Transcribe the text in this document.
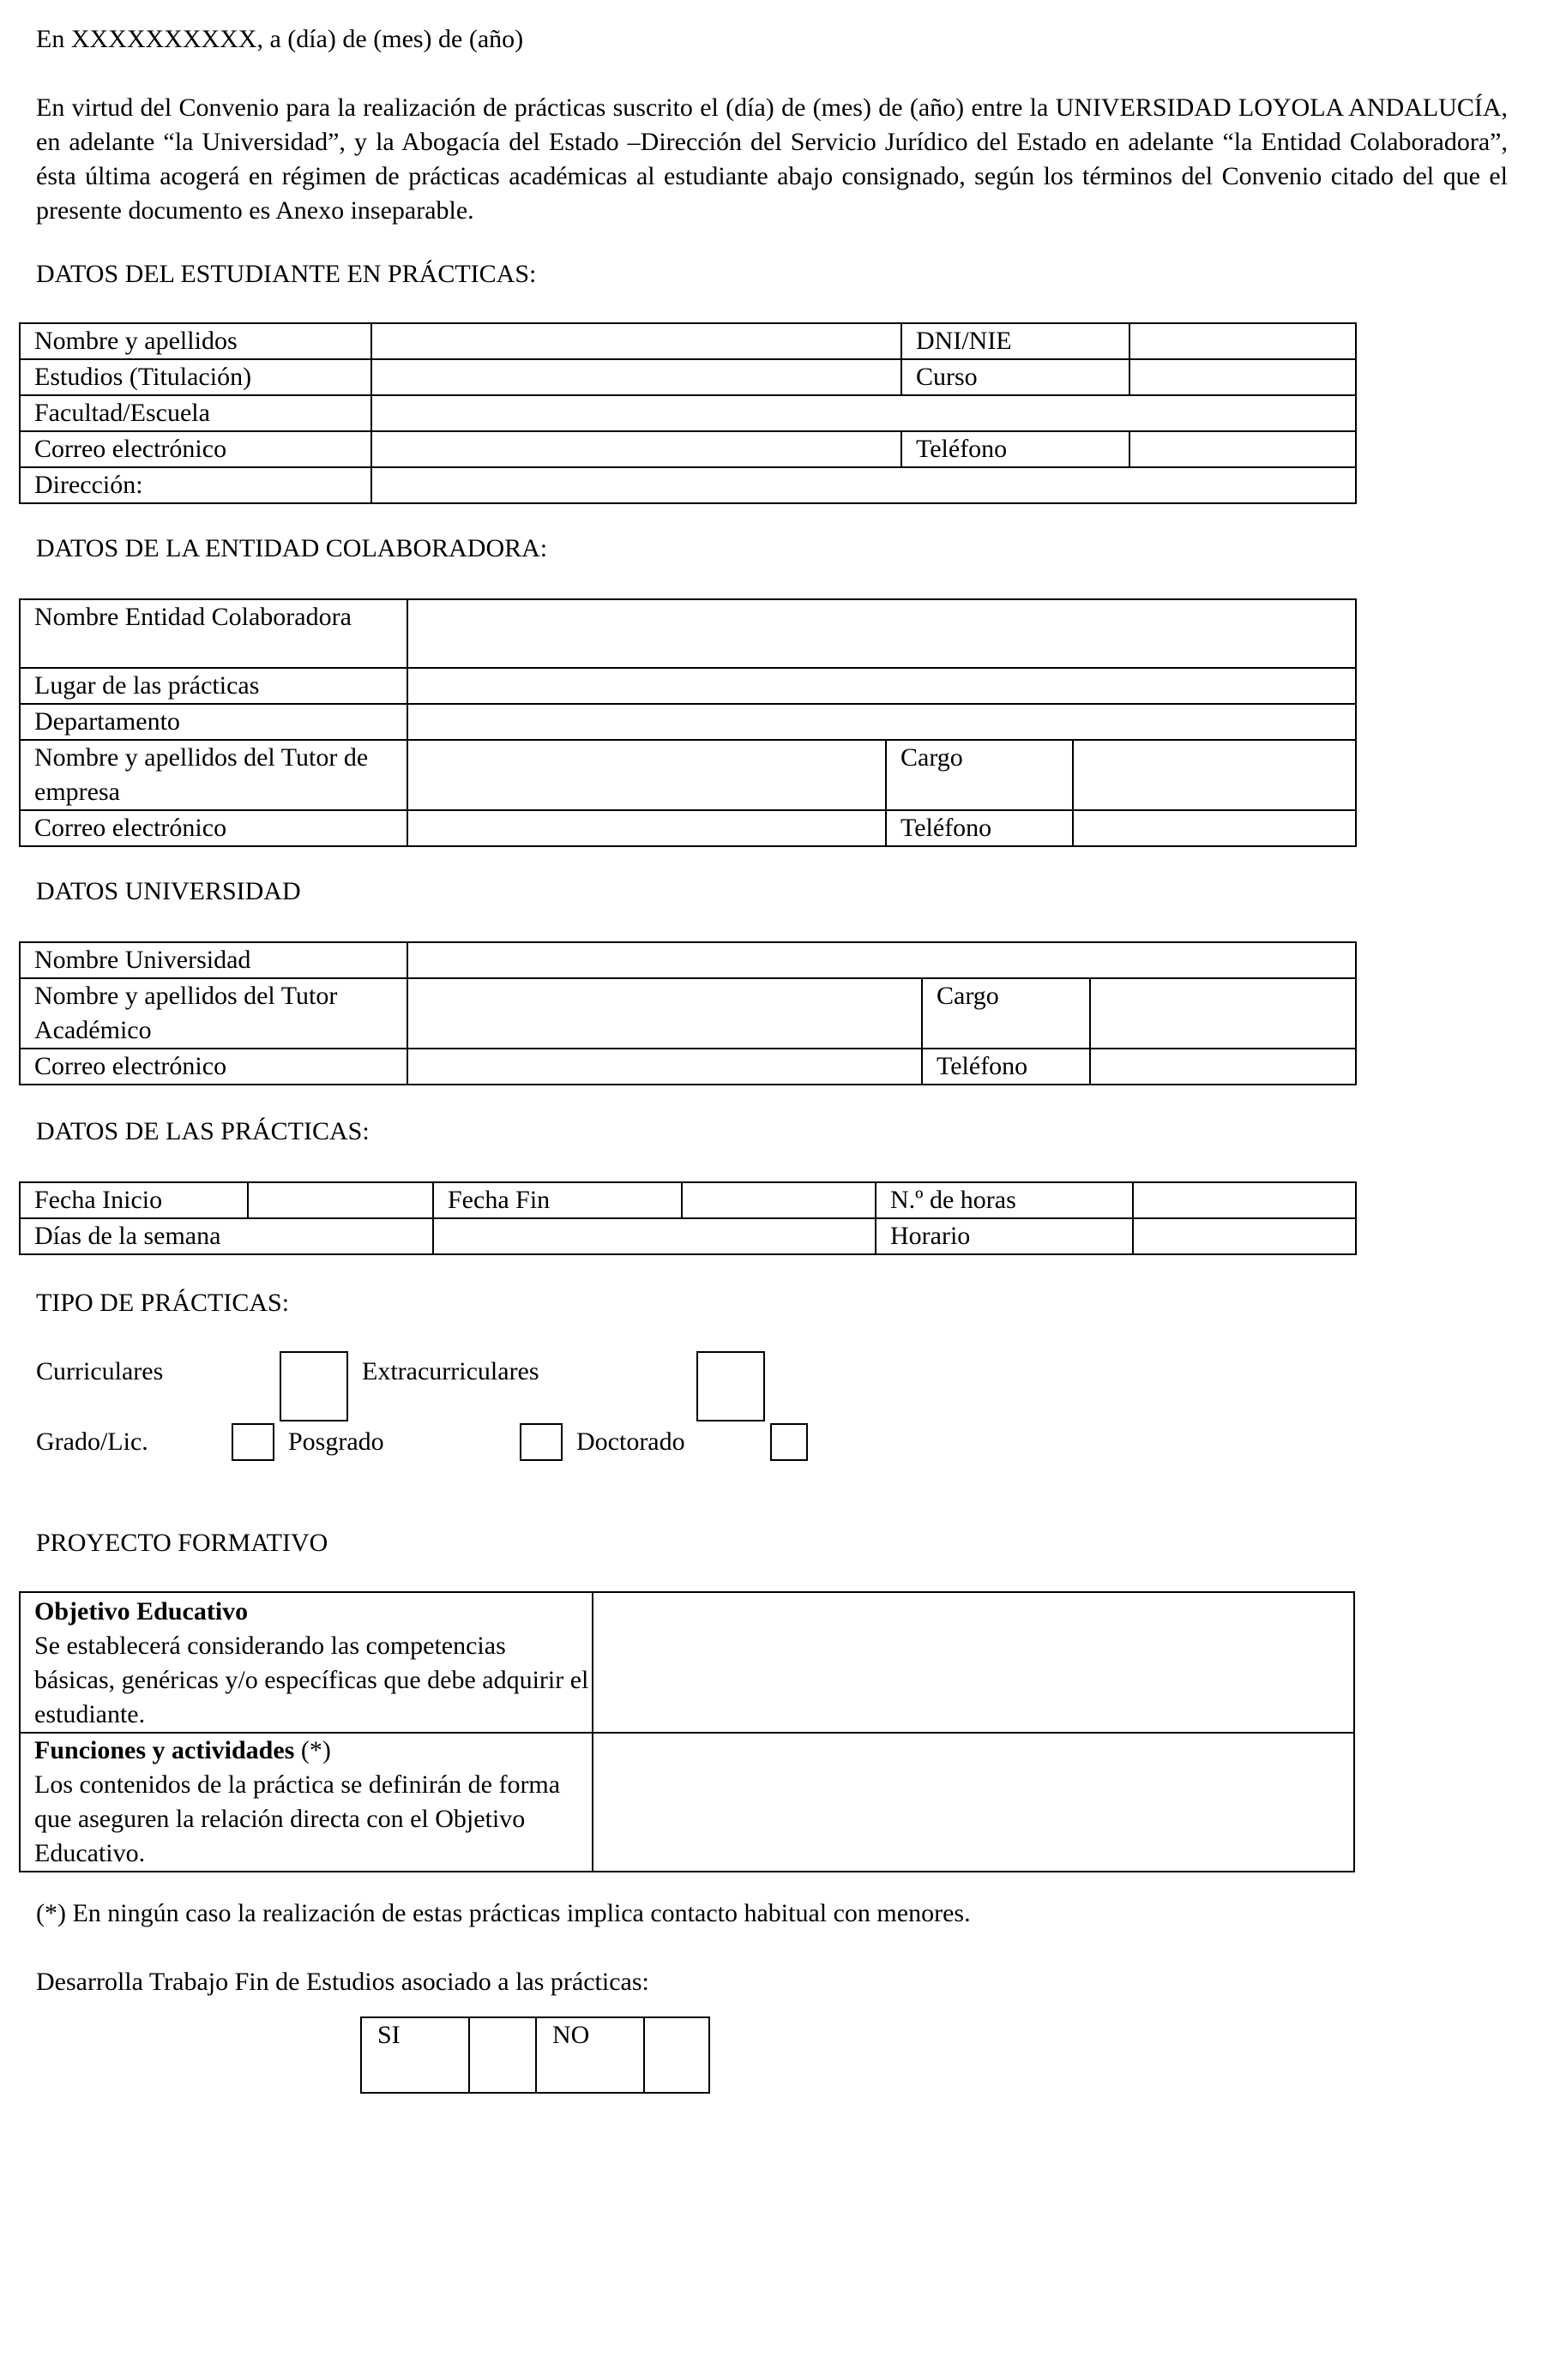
En XXXXXXXXXX, a (día) de (mes) de (año)

En virtud del Convenio para la realización de prácticas suscrito el (día) de (mes) de (año) entre la UNIVERSIDAD LOYOLA ANDALUCÍA, en adelante “la Universidad”, y la Abogacía del Estado –Dirección del Servicio Jurídico del Estado en adelante “la Entidad Colaboradora”, ésta última acogerá en régimen de prácticas académicas al estudiante abajo consignado, según los términos del Convenio citado del que el presente documento es Anexo inseparable.

DATOS DEL ESTUDIANTE EN PRÁCTICAS:
Nombre y apellidos		DNI/NIE	
Estudios (Titulación)		Curso	
Facultad/Escuela			
Correo electrónico		Teléfono	
Dirección:			
DATOS DE LA ENTIDAD COLABORADORA:
Nombre Entidad Colaboradora			
Lugar de las prácticas			
Departamento			
Nombre y apellidos del Tutor de empresa		Cargo	
Correo electrónico		Teléfono	
DATOS UNIVERSIDAD
Nombre Universidad			
Nombre y apellidos del Tutor Académico		Cargo	
Correo electrónico		Teléfono	
DATOS DE LAS PRÁCTICAS:
Fecha Inicio		Fecha Fin		N.º de horas	
Días de la semana				Horario	
TIPO DE PRÁCTICAS:
Curriculares	Extracurriculares
Grado/Lic.	Posgrado	Doctorado
PROYECTO FORMATIVO
Objetivo Educativo
Se establecerá considerando las competencias básicas, genéricas y/o específicas que debe adquirir el estudiante.	
Funciones y actividades (*)
Los contenidos de la práctica se definirán de forma que aseguren la relación directa con el Objetivo Educativo.	
(*) En ningún caso la realización de estas prácticas implica contacto habitual con menores.
Desarrolla Trabajo Fin de Estudios asociado a las prácticas:
SI		NO	
